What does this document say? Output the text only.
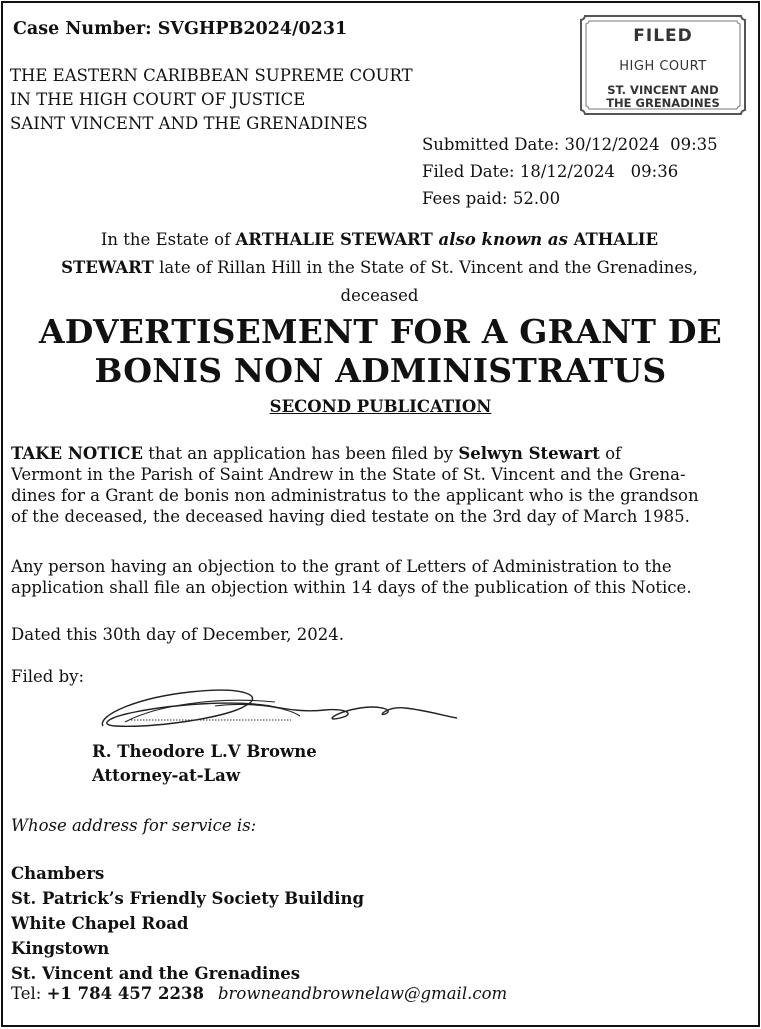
Case Number: SVGHPB2024/0231
THE EASTERN CARIBBEAN SUPREME COURT
IN THE HIGH COURT OF JUSTICE
SAINT VINCENT AND THE GRENADINES
FILED
HIGH COURT
ST. VINCENT AND
THE GRENADINES
Submitted Date: 30/12/2024  09:35
Filed Date: 18/12/2024   09:36
Fees paid: 52.00
In the Estate of ARTHALIE STEWART also known as ATHALIE
STEWART late of Rillan Hill in the State of St. Vincent and the Grenadines,
deceased
ADVERTISEMENT FOR A GRANT DE
BONIS NON ADMINISTRATUS
SECOND PUBLICATION
TAKE NOTICE that an application has been filed by Selwyn Stewart of
Vermont in the Parish of Saint Andrew in the State of St. Vincent and the Grena-
dines for a Grant de bonis non administratus to the applicant who is the grandson
of the deceased, the deceased having died testate on the 3rd day of March 1985.
Any person having an objection to the grant of Letters of Administration to the
application shall file an objection within 14 days of the publication of this Notice.
Dated this 30th day of December, 2024.
Filed by:
R. Theodore L.V Browne
Attorney-at-Law
Whose address for service is:
Chambers
St. Patrick’s Friendly Society Building
White Chapel Road
Kingstown
St. Vincent and the Grenadines
Tel: +1 784 457 2238 browneandbrownelaw@gmail.com
